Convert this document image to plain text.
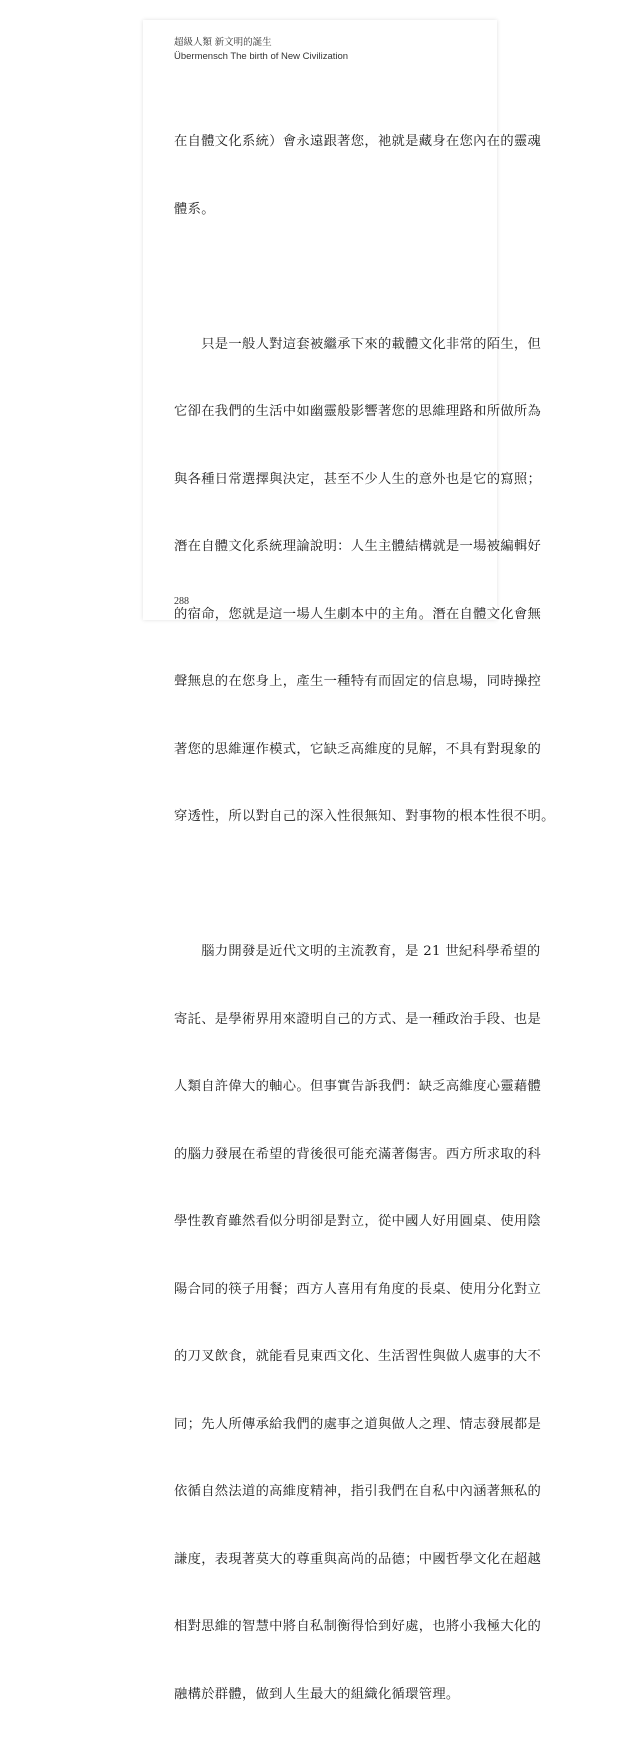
超級人類 新文明的誕生
Übermensch The birth of New Civilization

在自體文化系統）會永遠跟著您，祂就是藏身在您內在的靈魂

體系。

　　只是一般人對這套被繼承下來的載體文化非常的陌生，但

它卻在我們的生活中如幽靈般影響著您的思維理路和所做所為

與各種日常選擇與決定，甚至不少人生的意外也是它的寫照；

潛在自體文化系統理論說明：人生主體結構就是一場被編輯好

的宿命，您就是這一場人生劇本中的主角。潛在自體文化會無

聲無息的在您身上，產生一種特有而固定的信息場，同時操控

著您的思維運作模式，它缺乏高維度的見解，不具有對現象的

穿透性，所以對自己的深入性很無知、對事物的根本性很不明。

　　腦力開發是近代文明的主流教育，是 21 世紀科學希望的

寄託、是學術界用來證明自己的方式、是一種政治手段、也是

人類自許偉大的軸心。但事實告訴我們：缺乏高維度心靈藉體

的腦力發展在希望的背後很可能充滿著傷害。西方所求取的科

學性教育雖然看似分明卻是對立，從中國人好用圓桌、使用陰

陽合同的筷子用餐；西方人喜用有角度的長桌、使用分化對立

的刀叉飲食，就能看見東西文化、生活習性與做人處事的大不

同；先人所傳承給我們的處事之道與做人之理、情志發展都是

依循自然法道的高維度精神，指引我們在自私中內涵著無私的

謙度，表現著莫大的尊重與高尚的品德；中國哲學文化在超越

相對思維的智慧中將自私制衡得恰到好處，也將小我極大化的

融構於群體，做到人生最大的組織化循環管理。

288
